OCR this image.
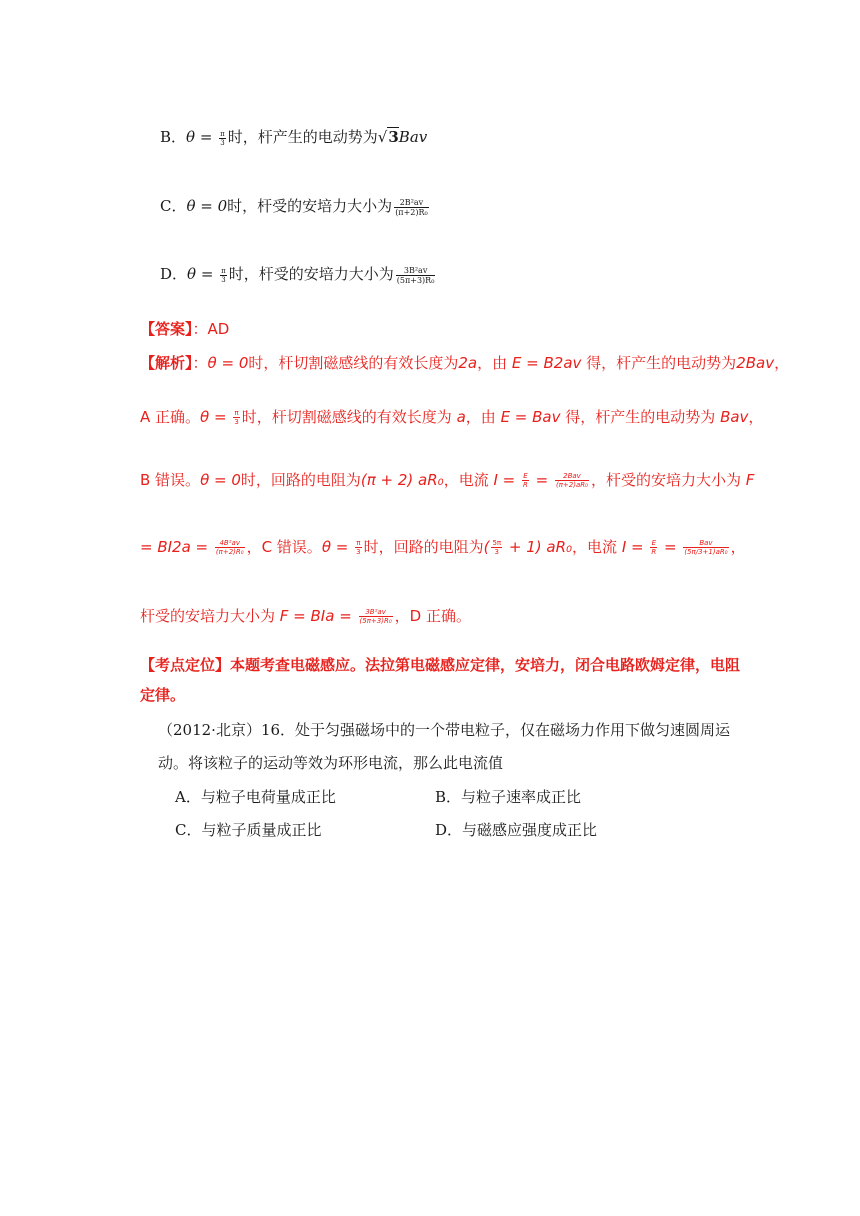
B．$\theta = \frac{\pi}{3}$ 时，杆产生的电动势为√3Bav
C．θ = 0时，杆受的安培力大小为 $\frac{\text{2B²av}}{\text{(π+2)R₀}}$
D．$\theta = \frac{\pi}{3}$ 时，杆受的安培力大小为 $\frac{\text{3B²av}}{\text{(5π+3)R₀}}$
【答案】：AD
【解析】：θ = 0时，杆切割磁感线的有效长度为2a，由 E = B2av 得，杆产生的电动势为2Bav，
A 正确。$\theta = \frac{\pi}{3}$ 时，杆切割磁感线的有效长度为 a，由 E = Bav 得，杆产生的电动势为 Bav，
B 错误。θ = 0时，回路的电阻为(π + 2) aR₀，电流 $I = \frac{E}{R} = \frac{\text{2Bav}}{\text{(π+2)aR₀}}$ ，杆受的安培力大小为 F
= $BI2a = \frac{\text{4B²av}}{\text{(π+2)R₀}}$ ，C 错误。$\theta = \frac{\pi}{3}$ 时，回路的电阻为( $\frac{5\pi}{3} + 1$) aR₀，电流 $I = \frac{E}{R} = \frac{\text{Bav}}{\text{(5π/3+1)aR₀}}$ ，
杆受的安培力大小为 F = BIa = $\frac{\text{3B²av}}{\text{(5π+3)R₀}}$ ，D 正确。
【考点定位】本题考查电磁感应。法拉第电磁感应定律，安培力，闭合电路欧姆定律，电阻
定律。
（2012·北京）16．处于匀强磁场中的一个带电粒子，仅在磁场力作用下做匀速圆周运
动。将该粒子的运动等效为环形电流，那么此电流值
A．与粒子电荷量成正比	B．与粒子速率成正比
C．与粒子质量成正比	D．与磁感应强度成正比
